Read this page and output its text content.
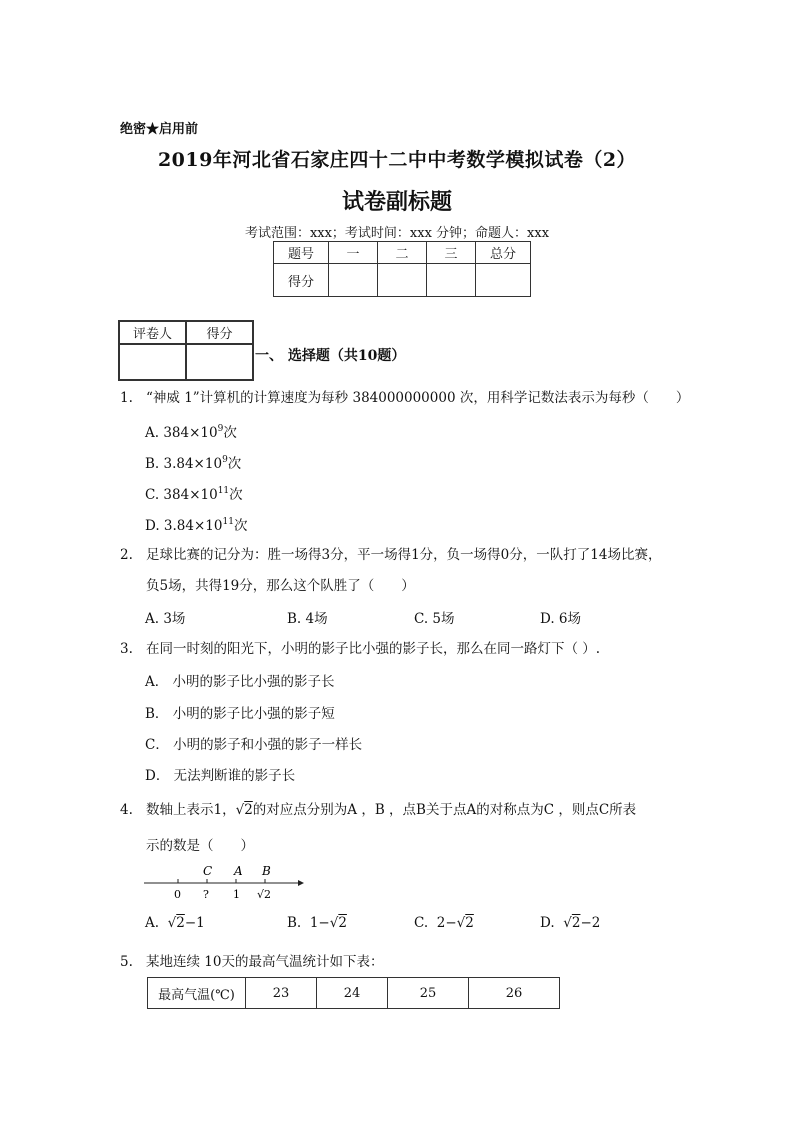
绝密★启用前
2019年河北省石家庄四十二中中考数学模拟试卷（2）
试卷副标题
考试范围：xxx；考试时间：xxx 分钟；命题人：xxx
题号	一	二	三	总分
得分				
评卷人	得分

一、 选择题（共10题）
1. “神威 1”计算机的计算速度为每秒 384000000000 次，用科学记数法表示为每秒（　　）
A. $384\times 10^9$次
B. $3.84\times 10^9$次
C. $384\times 10^{11}$次
D. $3.84\times 10^{11}$次
2. 足球比赛的记分为：胜一场得3分，平一场得1分，负一场得0分，一队打了14场比赛，
负5场，共得19分，那么这个队胜了（　　）
A. 3场	B. 4场	C. 5场	D. 6场
3. 在同一时刻的阳光下，小明的影子比小强的影子长，那么在同一路灯下（ ）.
A． 小明的影子比小强的影子长
B． 小明的影子比小强的影子短
C． 小明的影子和小强的影子一样长
D． 无法判断谁的影子长
4. 数轴上表示1，√2的对应点分别为A ，B ，点B关于点A的对称点为C ，则点C所表
示的数是（　　）
C A B
0 ? 1 √2
A. √2−1	B. 1−√2	C. 2−√2	D. √2−2
5. 某地连续 10天的最高气温统计如下表：
最高气温(℃)	23	24	25	26
